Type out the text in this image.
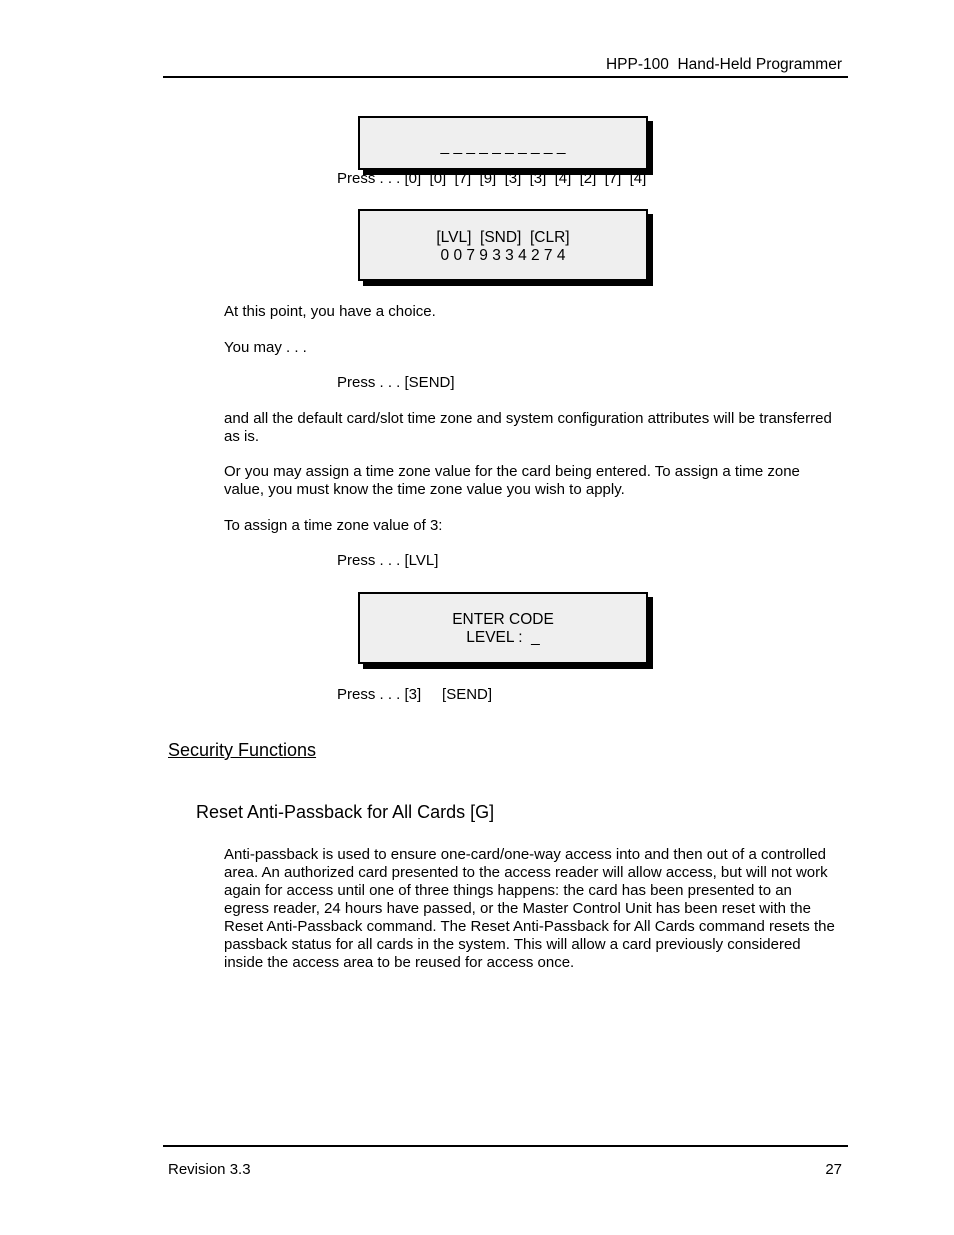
HPP-100  Hand-Held Programmer
_ _ _ _ _ _ _ _ _ _
Press . . . [0]  [0]  [7]  [9]  [3]  [3]  [4]  [2]  [7]  [4]
[LVL]  [SND]  [CLR]
0 0 7 9 3 3 4 2 7 4
At this point, you have a choice.
You may . . .
Press . . . [SEND]
and all the default card/slot time zone and system configuration attributes will be transferred as is.
Or you may assign a time zone value for the card being entered. To assign a time zone value, you must know the time zone value you wish to apply.
To assign a time zone value of 3:
Press . . . [LVL]
ENTER CODE
LEVEL :  _
Press . . . [3]     [SEND]
Security Functions
Reset Anti-Passback for All Cards [G]
Anti-passback is used to ensure one-card/one-way access into and then out of a controlled area. An authorized card presented to the access reader will allow access, but will not work again for access until one of three things happens: the card has been presented to an egress reader, 24 hours have passed, or the Master Control Unit has been reset with the Reset Anti-Passback command. The Reset Anti-Passback for All Cards command resets the passback status for all cards in the system. This will allow a card previously considered inside the access area to be reused for access once.
Revision 3.3	27
